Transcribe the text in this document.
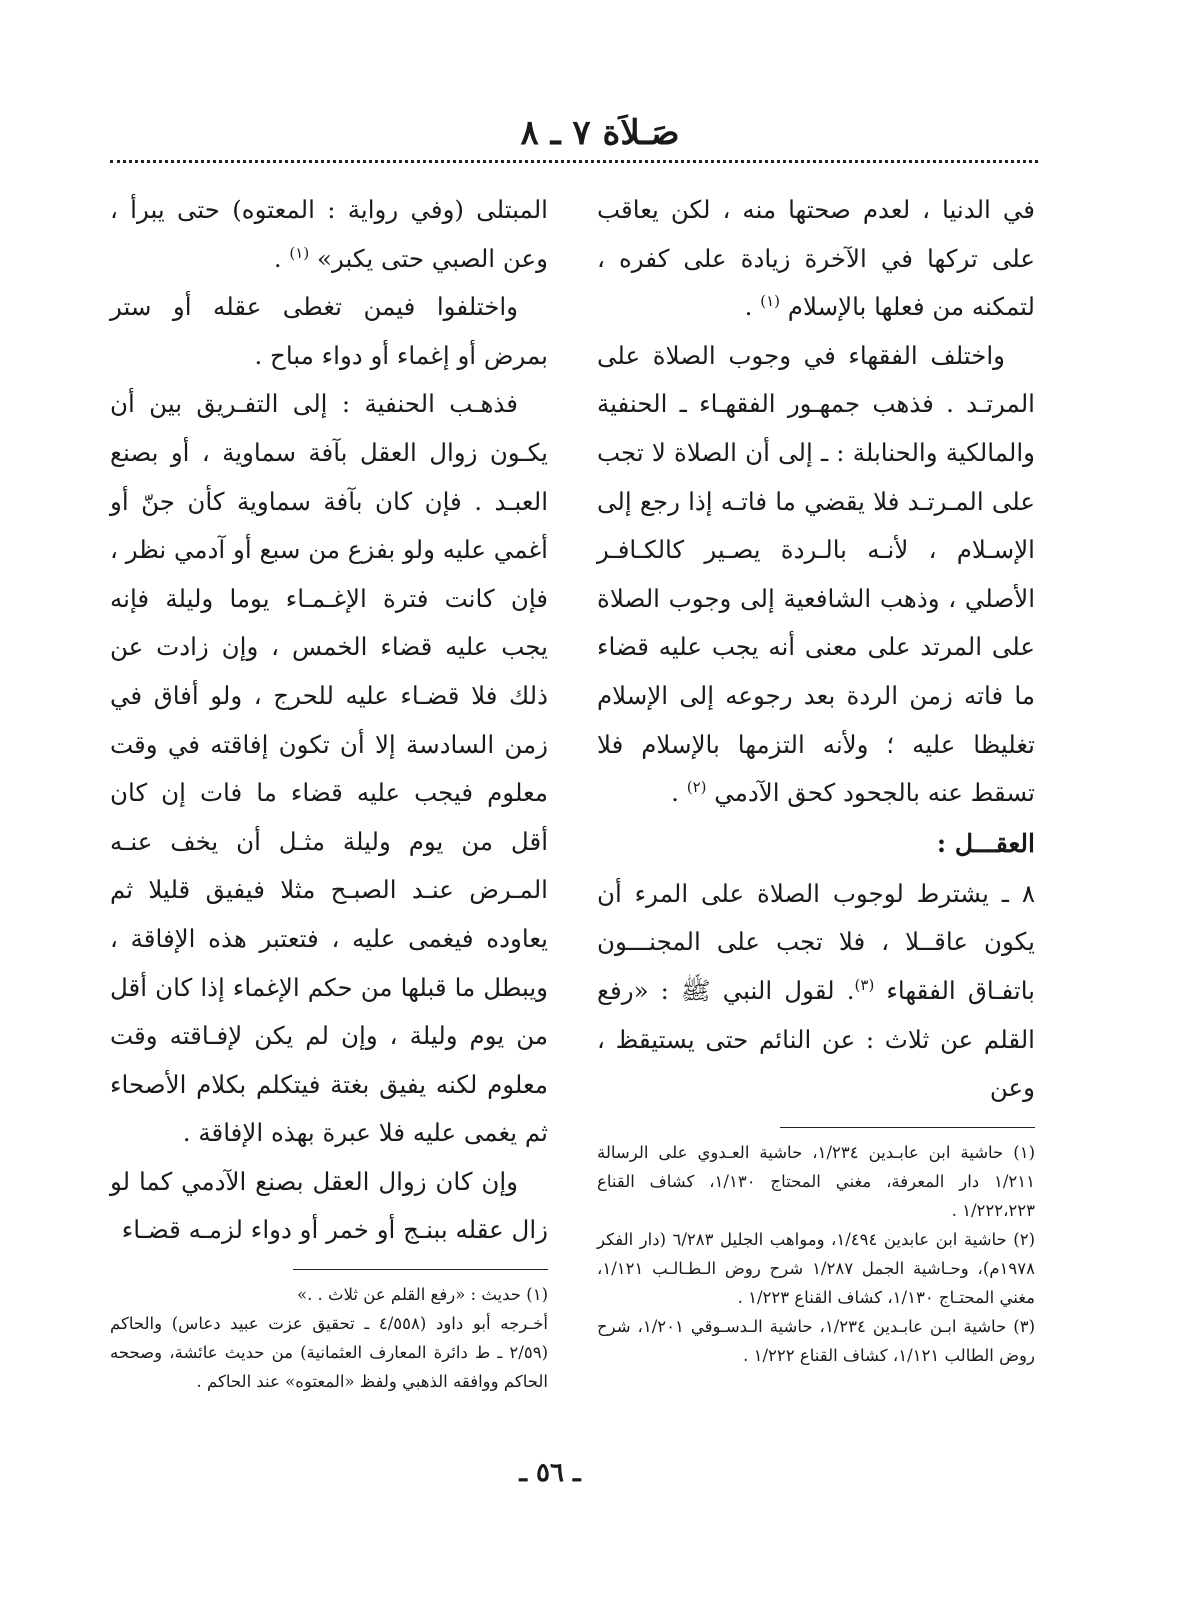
صَـلاَة ٧ ـ ٨

في الدنيا ، لعدم صحتها منه ، لكن يعاقب على تركها في الآخرة زيادة على كفره ، لتمكنه من فعلها بالإسلام $^{(١)}$ .

واختلف الفقهاء في وجوب الصلاة على المرتـد . فذهب جمهـور الفقهـاء ـ الحنفية والمالكية والحنابلة : ـ إلى أن الصلاة لا تجب على المـرتـد فلا يقضي ما فاتـه إذا رجع إلى الإسـلام ، لأنـه بالـردة يصـير كالكـافـر الأصلي ، وذهب الشافعية إلى وجوب الصلاة على المرتد على معنى أنه يجب عليه قضاء ما فاته زمن الردة بعد رجوعه إلى الإسلام تغليظا عليه ؛ ولأنه التزمها بالإسلام فلا تسقط عنه بالجحود كحق الآدمي $^{(٢)}$ .

العقـــل :

٨ ـ يشترط لوجوب الصلاة على المرء أن يكون عاقــلا ، فلا تجب على المجنـــون باتفـاق الفقهاء $^{(٣)}$. لقول النبي ﷺ : «رفع القلم عن ثلاث : عن النائم حتى يستيقظ ، وعن

(١) حاشية ابن عابـدين ١/٢٣٤، حاشية العـدوي على الرسالة ١/٢١١ دار المعرفة، مغني المحتاج ١/١٣٠، كشاف القناع ١/٢٢٢،٢٢٣ .

(٢) حاشية ابن عابدين ١/٤٩٤، ومواهب الجليل ٦/٢٨٣ (دار الفكر ١٩٧٨م)، وحـاشية الجمل ١/٢٨٧ شرح روض الـطـالـب ١/١٢١، مغني المحتـاج ١/١٣٠، كشاف القناع ١/٢٢٣ .

(٣) حاشية ابـن عابـدين ١/٢٣٤، حاشية الـدسـوقي ١/٢٠١، شرح روض الطالب ١/١٢١، كشاف القناع ١/٢٢٢ .

المبتلى (وفي رواية : المعتوه) حتى يبرأ ، وعن الصبي حتى يكبر» $^{(١)}$ .

واختلفوا فيمن تغطى عقله أو ستر بمرض أو إغماء أو دواء مباح .

فذهـب الحنفية : إلى التفـريق بين أن يكـون زوال العقل بآفة سماوية ، أو بصنع العبـد . فإن كان بآفة سماوية كأن جنّ أو أغمي عليه ولو بفزع من سبع أو آدمي نظر ، فإن كانت فترة الإغـمـاء يوما وليلة فإنه يجب عليه قضاء الخمس ، وإن زادت عن ذلك فلا قضـاء عليه للحرج ، ولو أفاق في زمن السادسة إلا أن تكون إفاقته في وقت معلوم فيجب عليه قضاء ما فات إن كان أقل من يوم وليلة مثـل أن يخف عنـه المـرض عنـد الصبـح مثلا فيفيق قليلا ثم يعاوده فيغمى عليه ، فتعتبر هذه الإفاقة ، ويبطل ما قبلها من حكم الإغماء إذا كان أقل من يوم وليلة ، وإن لم يكن لإفـاقته وقت معلوم لكنه يفيق بغتة فيتكلم بكلام الأصحاء ثم يغمى عليه فلا عبرة بهذه الإفاقة .

وإن كان زوال العقل بصنع الآدمي كما لو زال عقله ببنـج أو خمر أو دواء لزمـه قضـاء

(١) حديث : «رفع القلم عن ثلاث . .»

أخـرجه أبو داود (٤/٥٥٨ ـ تحقيق عزت عبيد دعاس) والحاكم (٢/٥٩ ـ ط دائرة المعارف العثمانية) من حديث عائشة، وصححه الحاكم ووافقه الذهبي ولفظ «المعتوه» عند الحاكم .

ـ ٥٦ ـ
